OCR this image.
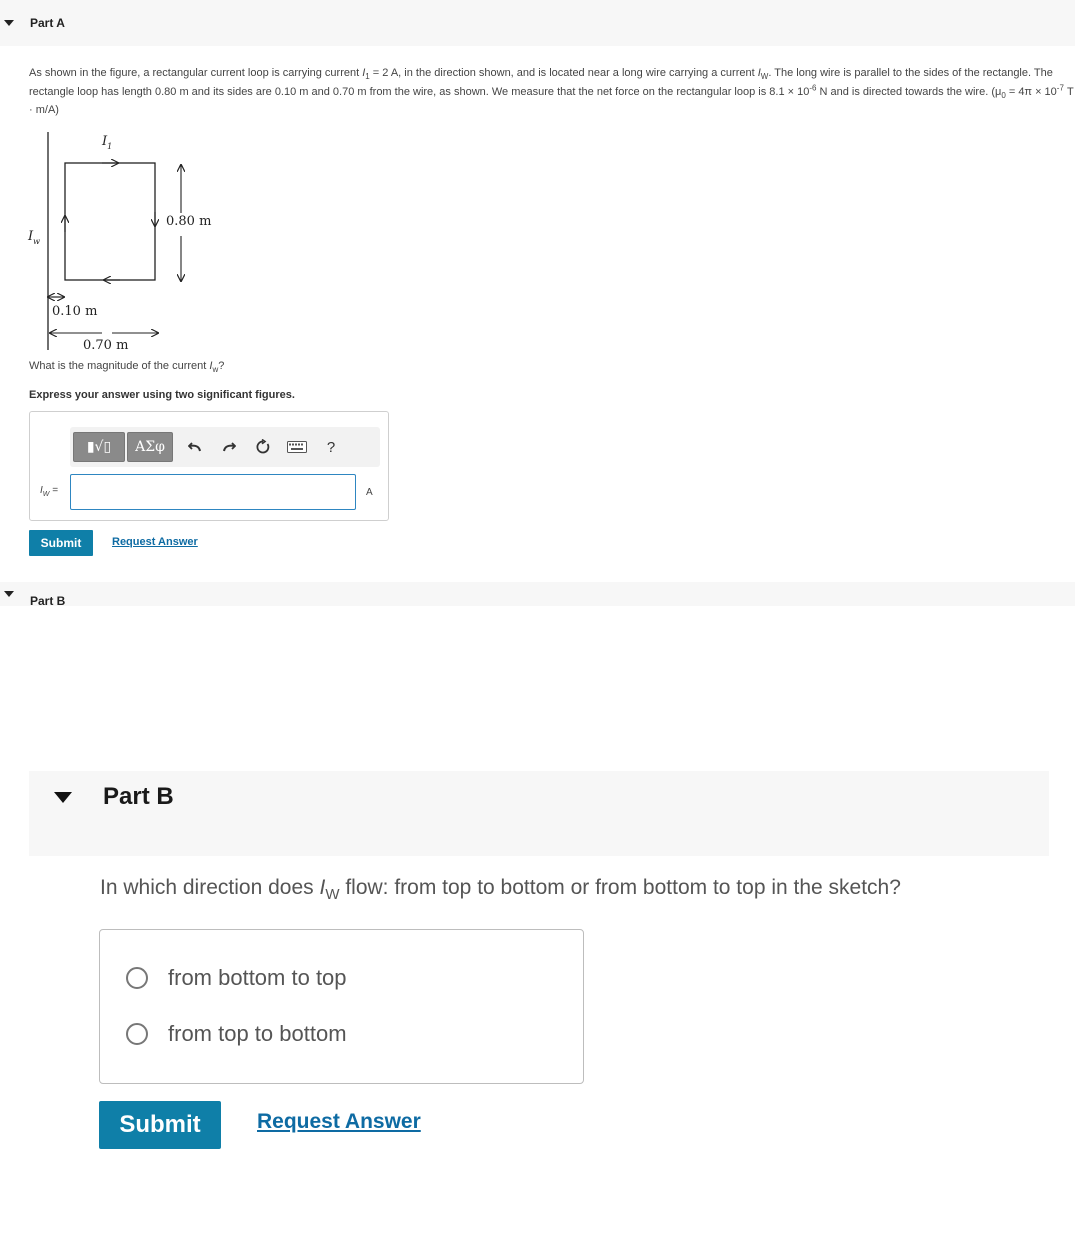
Part A
As shown in the figure, a rectangular current loop is carrying current $I_1 = 2$ A, in the direction shown, and is located near a long wire carrying a current $I_W$. The long wire is parallel to the sides of the rectangle. The rectangle loop has length 0.80 m and its sides are 0.10 m and 0.70 m from the wire, as shown. We measure that the net force on the rectangular loop is $8.1 \times 10^{-6}$ N and is directed towards the wire. ($\mu_0 = 4\pi \times 10^{-7}$ T · m/A)
0.80 m
$I_1$
$I_w$
0.10 m
0.70 m
What is the magnitude of the current $I_w$?
Express your answer using two significant figures.
▮√▯	ΑΣφ	?
$I_W$ =	A
Submit	Request Answer
Part B
Part B
In which direction does $I_W$ flow: from top to bottom or from bottom to top in the sketch?
from bottom to top
from top to bottom
Submit	Request Answer
